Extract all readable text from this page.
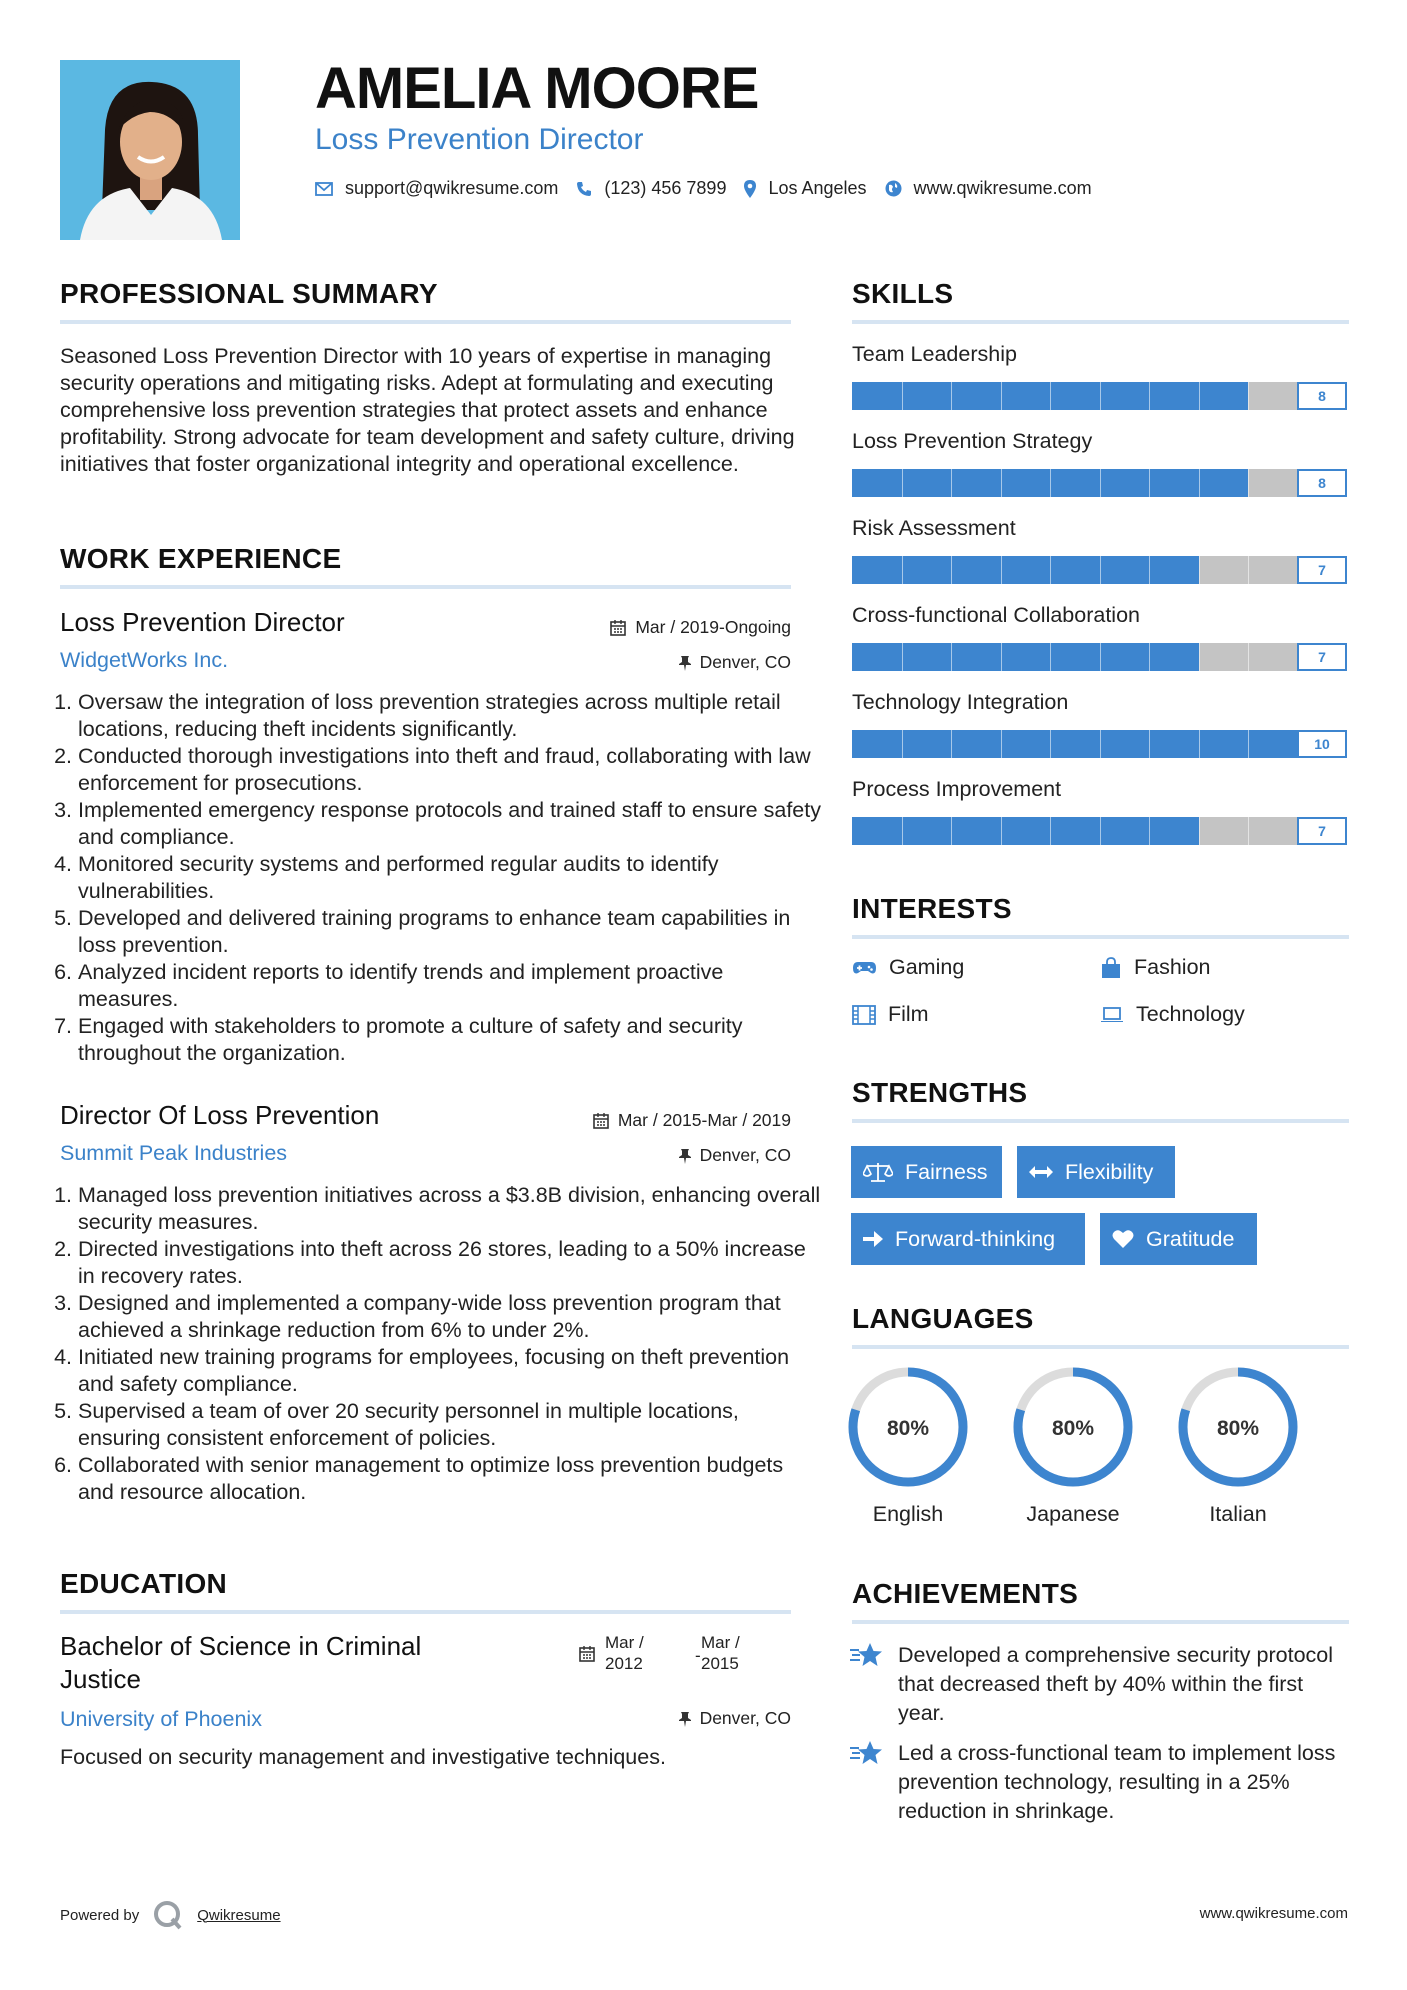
AMELIA MOORE
Loss Prevention Director
support@qwikresume.com	(123) 456 7899 Los Angeles	www.qwikresume.com
PROFESSIONAL SUMMARY
Seasoned Loss Prevention Director with 10 years of expertise in managing security operations and mitigating risks. Adept at formulating and executing comprehensive loss prevention strategies that protect assets and enhance profitability. Strong advocate for team development and safety culture, driving initiatives that foster organizational integrity and operational excellence.
WORK EXPERIENCE
Loss Prevention Director
WidgetWorks Inc.
Mar / 2019-Ongoing
Denver, CO
1. Oversaw the integration of loss prevention strategies across multiple retail locations, reducing theft incidents significantly.
2. Conducted thorough investigations into theft and fraud, collaborating with law enforcement for prosecutions.
3. Implemented emergency response protocols and trained staff to ensure safety and compliance.
4. Monitored security systems and performed regular audits to identify vulnerabilities.
5. Developed and delivered training programs to enhance team capabilities in loss prevention.
6. Analyzed incident reports to identify trends and implement proactive measures.
7. Engaged with stakeholders to promote a culture of safety and security throughout the organization.
Director Of Loss Prevention
Summit Peak Industries
Mar / 2015-Mar / 2019
Denver, CO
1. Managed loss prevention initiatives across a $3.8B division, enhancing overall security measures.
2. Directed investigations into theft across 26 stores, leading to a 50% increase in recovery rates.
3. Designed and implemented a company-wide loss prevention program that achieved a shrinkage reduction from 6% to under 2%.
4. Initiated new training programs for employees, focusing on theft prevention and safety compliance.
5. Supervised a team of over 20 security personnel in multiple locations, ensuring consistent enforcement of policies.
6. Collaborated with senior management to optimize loss prevention budgets and resource allocation.
EDUCATION
Bachelor of Science in Criminal Justice
Mar /
2012	-
Mar /
2015
University of Phoenix	Denver, CO
Focused on security management and investigative techniques.
SKILLS
Team Leadership
8
Loss Prevention Strategy
8
Risk Assessment
7
Cross-functional Collaboration
7
Technology Integration
10
Process Improvement
7
INTERESTS
Gaming	Fashion
Film	Technology
STRENGTHS
Fairness	Flexibility
Forward-thinking	Gratitude
LANGUAGES
80%
English
80%
Japanese
80%
Italian
ACHIEVEMENTS
Developed a comprehensive security protocol that decreased theft by 40% within the first year.
Led a cross-functional team to implement loss prevention technology, resulting in a 25% reduction in shrinkage.
Powered by	Qwikresume	www.qwikresume.com
